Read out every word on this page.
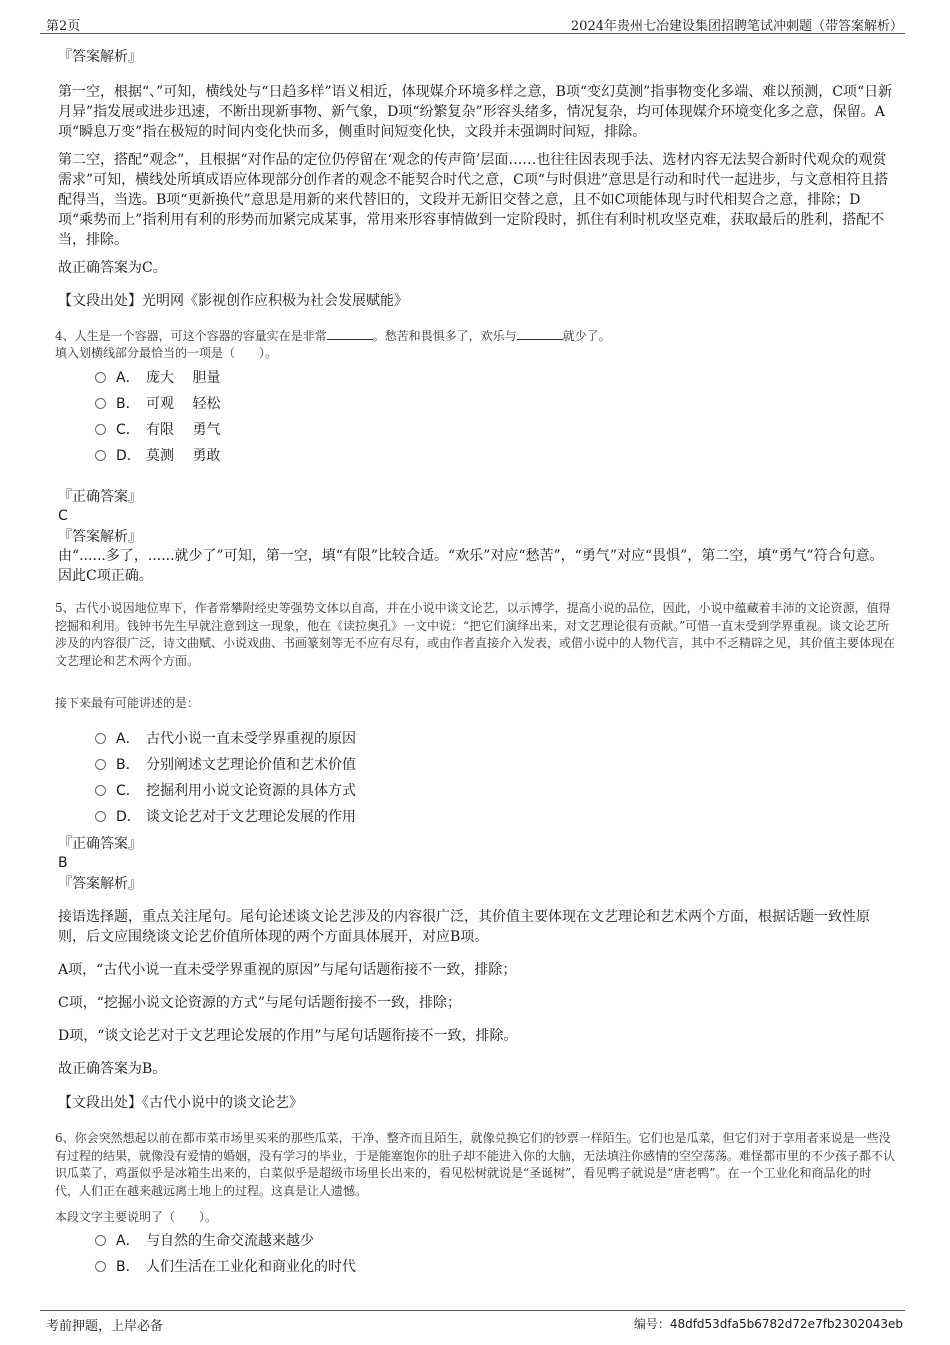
第2页	2024年贵州七冶建设集团招聘笔试冲刺题（带答案解析）
『答案解析』
第一空，根据“、”可知，横线处与“日趋多样”语义相近，体现媒介环境多样之意，B项“变幻莫测”指事物变化多端、难以预测，C项“日新月异”指发展或进步迅速，不断出现新事物、新气象，D项“纷繁复杂”形容头绪多，情况复杂，均可体现媒介环境变化多之意，保留。A项“瞬息万变”指在极短的时间内变化快而多，侧重时间短变化快，文段并未强调时间短，排除。
第二空，搭配“观念”，且根据“对作品的定位仍停留在‘观念的传声筒’层面……也往往因表现手法、选材内容无法契合新时代观众的观赏需求”可知，横线处所填成语应体现部分创作者的观念不能契合时代之意，C项“与时俱进”意思是行动和时代一起进步，与文意相符且搭配得当，当选。B项“更新换代”意思是用新的来代替旧的，文段并无新旧交替之意，且不如C项能体现与时代相契合之意，排除；D项“乘势而上”指利用有利的形势而加紧完成某事，常用来形容事情做到一定阶段时，抓住有利时机攻坚克难，获取最后的胜利，搭配不当，排除。
故正确答案为C。
【文段出处】光明网《影视创作应积极为社会发展赋能》
4、人生是一个容器，可这个容器的容量实在是非常	。愁苦和畏惧多了，欢乐与	就少了。
填入划横线部分最恰当的一项是（　　）。
A． 庞大　 胆量
B． 可观　 轻松
C． 有限　 勇气
D． 莫测　 勇敢
『正确答案』
C
『答案解析』
由“......多了，......就少了”可知，第一空，填“有限”比较合适。“欢乐”对应“愁苦”，“勇气”对应“畏惧”，第二空，填“勇气”符合句意。因此C项正确。
5、古代小说因地位卑下，作者常攀附经史等强势文体以自高，并在小说中谈文论艺，以示博学，提高小说的品位，因此，小说中蕴藏着丰沛的文论资源，值得挖掘和利用。钱钟书先生早就注意到这一现象，他在《读拉奥孔》一文中说：“把它们演绎出来，对文艺理论很有贡献。”可惜一直未受到学界重视。谈文论艺所涉及的内容很广泛，诗文曲赋、小说戏曲、书画篆刻等无不应有尽有，或由作者直接介入发表，或借小说中的人物代言，其中不乏精辟之见，其价值主要体现在文艺理论和艺术两个方面。
接下来最有可能讲述的是：
A． 古代小说一直未受学界重视的原因
B． 分别阐述文艺理论价值和艺术价值
C． 挖掘利用小说文论资源的具体方式
D． 谈文论艺对于文艺理论发展的作用
『正确答案』
B
『答案解析』
接语选择题，重点关注尾句。尾句论述谈文论艺涉及的内容很广泛，其价值主要体现在文艺理论和艺术两个方面，根据话题一致性原则，后文应围绕谈文论艺价值所体现的两个方面具体展开，对应B项。
A项，“古代小说一直未受学界重视的原因”与尾句话题衔接不一致，排除；
C项，“挖掘小说文论资源的方式”与尾句话题衔接不一致，排除；
D项，“谈文论艺对于文艺理论发展的作用”与尾句话题衔接不一致，排除。
故正确答案为B。
【文段出处】《古代小说中的谈文论艺》
6、你会突然想起以前在都市菜市场里买来的那些瓜菜，干净、整齐而且陌生，就像兑换它们的钞票一样陌生。它们也是瓜菜，但它们对于享用者来说是一些没有过程的结果，就像没有爱情的婚姻，没有学习的毕业，于是能塞饱你的肚子却不能进入你的大脑，无法填注你感情的空空荡荡。难怪都市里的不少孩子都不认识瓜菜了，鸡蛋似乎是冰箱生出来的，白菜似乎是超级市场里长出来的，看见松树就说是“圣诞树”，看见鸭子就说是“唐老鸭”。在一个工业化和商品化的时代，人们正在越来越远离土地上的过程。这真是让人遗憾。
本段文字主要说明了（　　）。
A． 与自然的生命交流越来越少
B． 人们生活在工业化和商业化的时代
考前押题，上岸必备	编号：48dfd53dfa5b6782d72e7fb2302043eb
